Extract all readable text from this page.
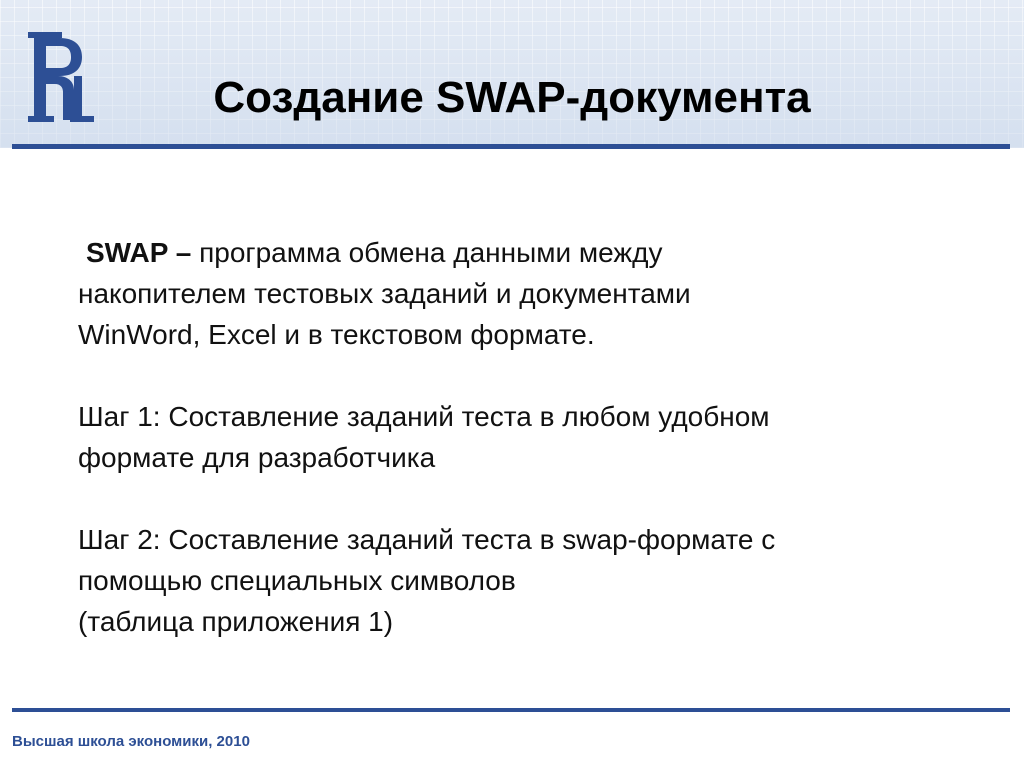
Создание SWAP-документа
SWAP – программа обмена данными между
накопителем тестовых заданий и документами
WinWord, Excel и в текстовом формате.
Шаг 1: Составление заданий теста в любом удобном
формате для разработчика
Шаг 2: Составление заданий теста в swap-формате с
помощью специальных символов
(таблица приложения 1)
Высшая школа экономики, 2010
